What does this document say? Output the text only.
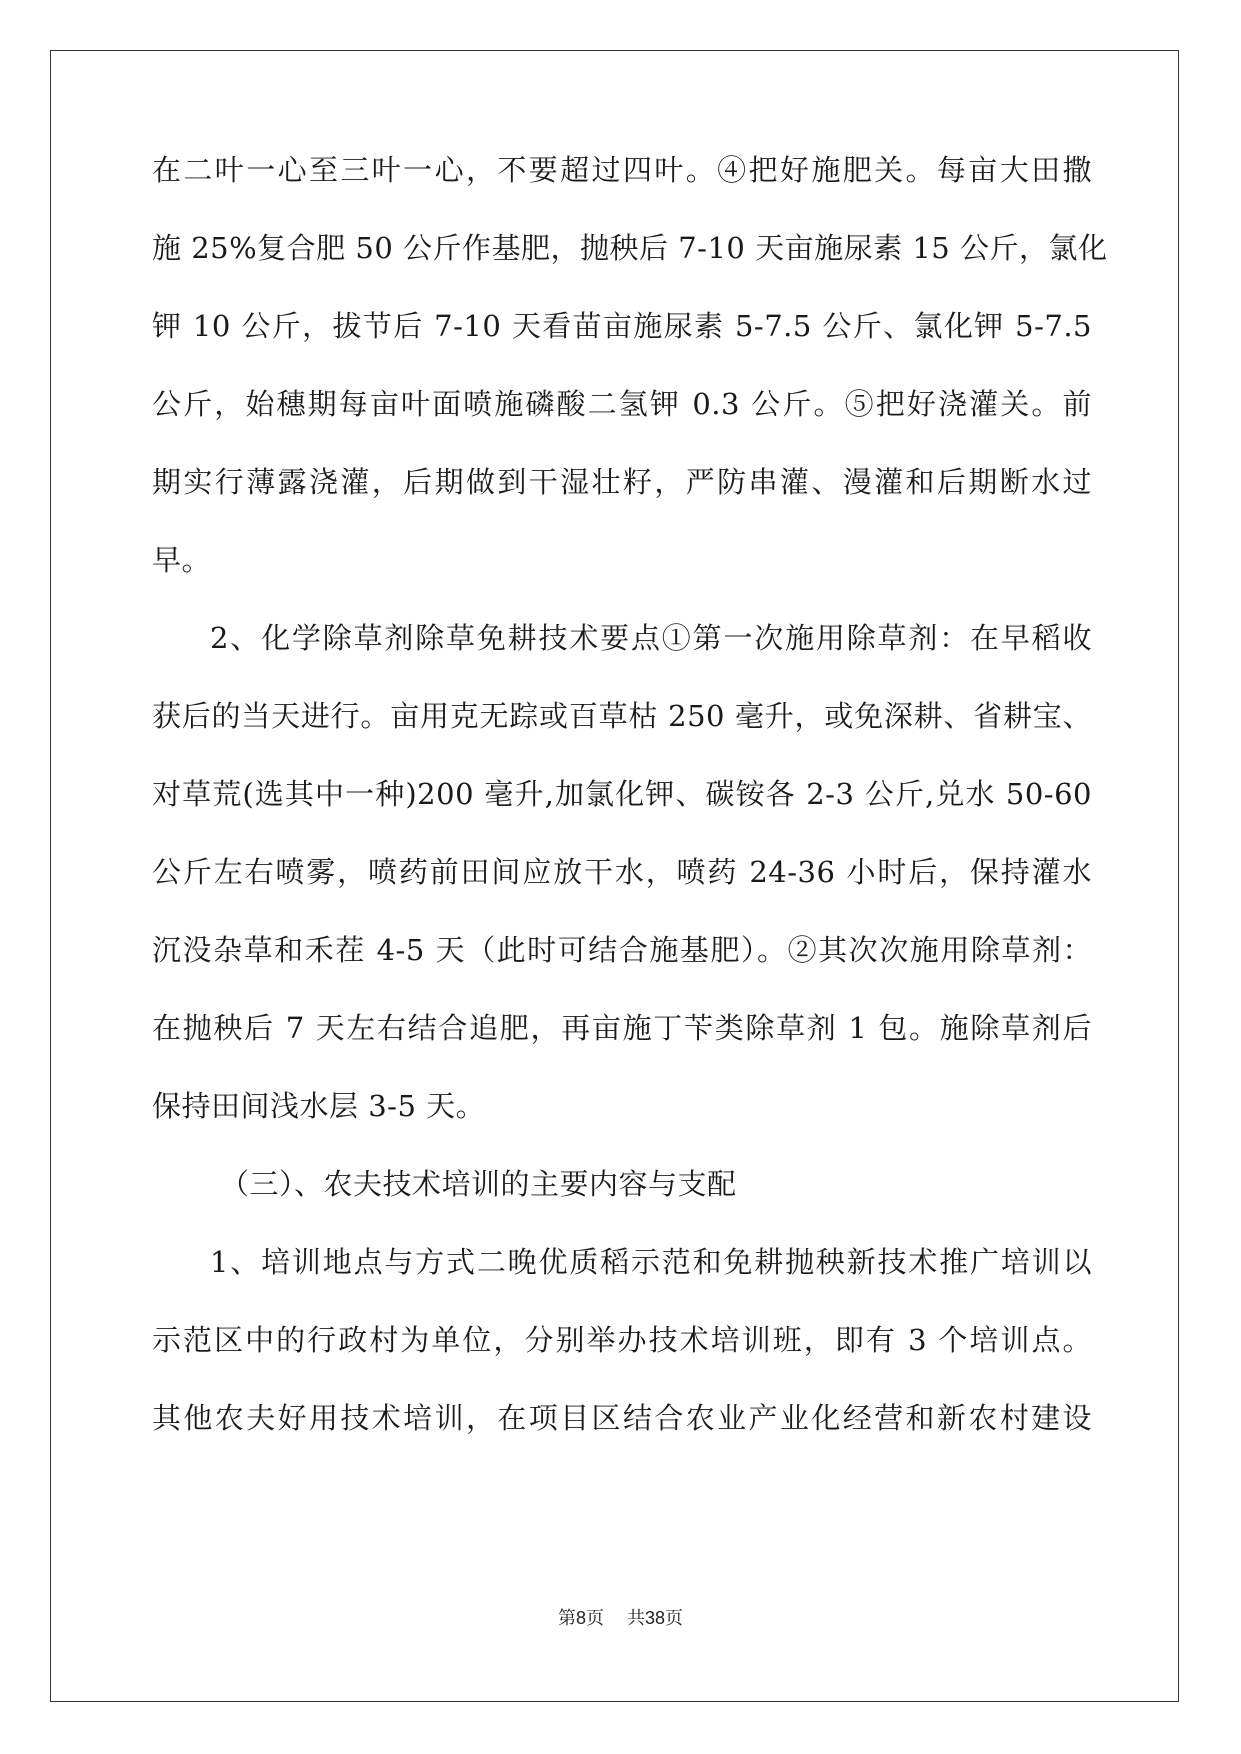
在二叶一心至三叶一心，不要超过四叶。④把好施肥关。每亩大田撒
施 25%复合肥 50 公斤作基肥，抛秧后 7-10 天亩施尿素 15 公斤，氯化
钾 10 公斤，拔节后 7-10 天看苗亩施尿素 5-7.5 公斤、氯化钾 5-7.5
公斤，始穗期每亩叶面喷施磷酸二氢钾 0.3 公斤。⑤把好浇灌关。前
期实行薄露浇灌，后期做到干湿壮籽，严防串灌、漫灌和后期断水过
早。
2、化学除草剂除草免耕技术要点①第一次施用除草剂：在早稻收
获后的当天进行。亩用克无踪或百草枯 250 毫升，或免深耕、省耕宝、
对草荒(选其中一种)200 毫升,加氯化钾、碳铵各 2-3 公斤,兑水 50-60
公斤左右喷雾，喷药前田间应放干水，喷药 24-36 小时后，保持灌水
沉没杂草和禾茬 4-5 天（此时可结合施基肥）。②其次次施用除草剂：
在抛秧后 7 天左右结合追肥，再亩施丁苄类除草剂 1 包。施除草剂后
保持田间浅水层 3-5 天。
（三）、农夫技术培训的主要内容与支配
1、培训地点与方式二晚优质稻示范和免耕抛秧新技术推广培训以
示范区中的行政村为单位，分别举办技术培训班，即有 3 个培训点。
其他农夫好用技术培训，在项目区结合农业产业化经营和新农村建设
第8页 共38页
